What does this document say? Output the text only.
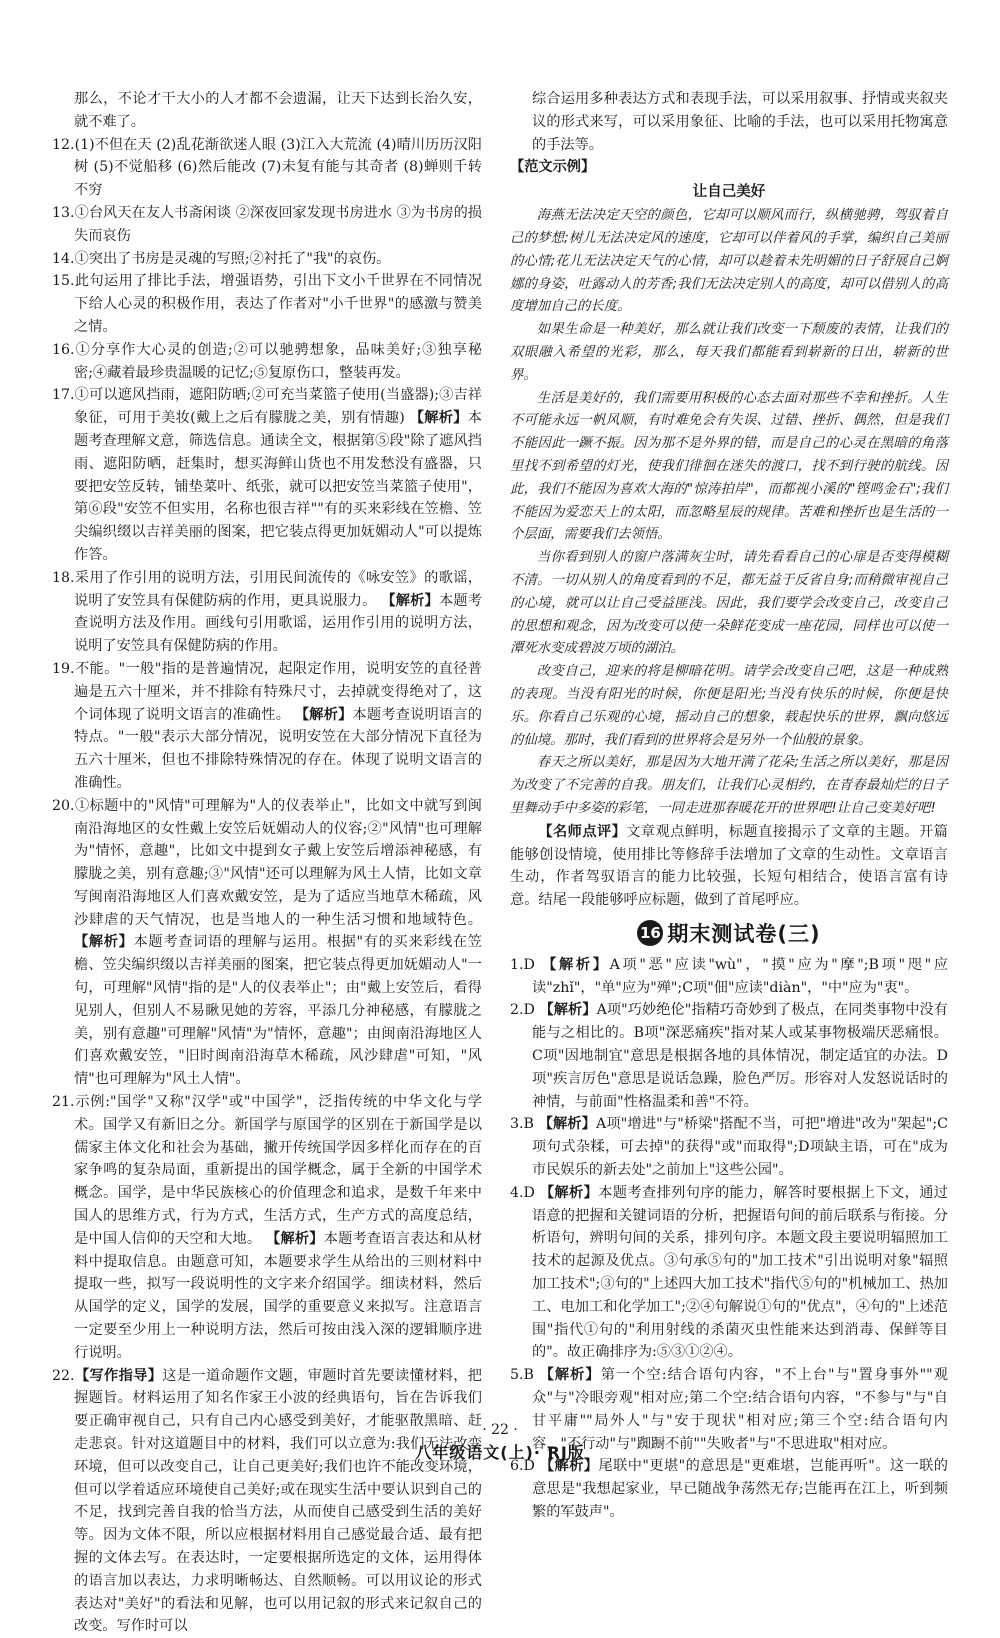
那么，不论才干大小的人才都不会遗漏，让天下达到长治久安，就不难了。

12.(1)不但在天 (2)乱花渐欲迷人眼 (3)江入大荒流 (4)晴川历历汉阳树 (5)不觉船移 (6)然后能改 (7)未复有能与其奇者 (8)蝉则千转不穷

13.①台风天在友人书斋闲谈 ②深夜回家发现书房进水 ③为书房的损失而哀伤

14.①突出了书房是灵魂的写照;②衬托了"我"的哀伤。

15.此句运用了排比手法，增强语势，引出下文小千世界在不同情况下给人心灵的积极作用，表达了作者对"小千世界"的感激与赞美之情。

16.①分享作大心灵的创造;②可以驰骋想象，品味美好;③独享秘密;④藏着最珍贵温暖的记忆;⑤复原伤口，整装再发。

17.①可以遮风挡雨，遮阳防晒;②可充当菜篮子使用(当盛器);③吉祥象征，可用于美妆(戴上之后有朦胧之美，别有情趣) 【解析】本题考查理解文意，筛选信息。通读全文，根据第⑤段"除了遮风挡雨、遮阳防晒，赶集时，想买海鲜山货也不用发愁没有盛器，只要把安笠反转，铺垫菜叶、纸张，就可以把安笠当菜篮子使用"，第⑥段"安笠不但实用，名称也很吉祥""有的买来彩线在笠檐、笠尖编织缀以吉祥美丽的图案，把它装点得更加妩媚动人"可以提炼作答。

18.采用了作引用的说明方法，引用民间流传的《咏安笠》的歌谣，说明了安笠具有保健防病的作用，更具说服力。 【解析】本题考查说明方法及作用。画线句引用歌谣，运用作引用的说明方法，说明了安笠具有保健防病的作用。

19.不能。"一般"指的是普遍情况，起限定作用，说明安笠的直径普遍是五六十厘米，并不排除有特殊尺寸，去掉就变得绝对了，这个词体现了说明文语言的准确性。 【解析】本题考查说明语言的特点。"一般"表示大部分情况，说明安笠在大部分情况下直径为五六十厘米，但也不排除特殊情况的存在。体现了说明文语言的准确性。

20.①标题中的"风情"可理解为"人的仪表举止"，比如文中就写到闽南沿海地区的女性戴上安笠后妩媚动人的仪容;②"风情"也可理解为"情怀，意趣"，比如文中提到女子戴上安笠后增添神秘感，有朦胧之美，别有意趣;③"风情"还可以理解为风土人情，比如文章写闽南沿海地区人们喜欢戴安笠，是为了适应当地草木稀疏，风沙肆虐的天气情况，也是当地人的一种生活习惯和地域特色。 【解析】本题考查词语的理解与运用。根据"有的买来彩线在笠檐、笠尖编织缀以吉祥美丽的图案，把它装点得更加妩媚动人"一句，可理解"风情"指的是"人的仪表举止"；由"戴上安笠后，看得见别人，但别人不易瞅见她的芳容，平添几分神秘感，有朦胧之美，别有意趣"可理解"风情"为"情怀，意趣"；由闽南沿海地区人们喜欢戴安笠，"旧时闽南沿海草木稀疏，风沙肆虐"可知，"风情"也可理解为"风土人情"。

21.示例:"国学"又称"汉学"或"中国学"，泛指传统的中华文化与学术。国学又有新旧之分。新国学与原国学的区别在于新国学是以儒家主体文化和社会为基础，撇开传统国学因多样化而存在的百家争鸣的复杂局面，重新提出的国学概念，属于全新的中国学术概念。国学，是中华民族核心的价值理念和追求，是数千年来中国人的思维方式，行为方式，生活方式，生产方式的高度总结，是中国人信仰的天空和大地。 【解析】本题考查语言表达和从材料中提取信息。由题意可知，本题要求学生从给出的三则材料中提取一些，拟写一段说明性的文字来介绍国学。细读材料，然后从国学的定义，国学的发展，国学的重要意义来拟写。注意语言一定要至少用上一种说明方法，然后可按由浅入深的逻辑顺序进行说明。

22.【写作指导】这是一道命题作文题，审题时首先要读懂材料，把握题旨。材料运用了知名作家王小波的经典语句，旨在告诉我们要正确审视自己，只有自己内心感受到美好，才能驱散黑暗、赶走悲哀。针对这道题目中的材料，我们可以立意为:我们无法改变环境，但可以改变自己，让自己更美好;我们也许不能改变环境，但可以学着适应环境使自己美好;或在现实生活中要认识到自己的不足，找到完善自我的恰当方法，从而使自己感受到生活的美好等。因为文体不限，所以应根据材料用自己感觉最合适、最有把握的文体去写。在表达时，一定要根据所选定的文体，运用得体的语言加以表达，力求明晰畅达、自然顺畅。可以用议论的形式表达对"美好"的看法和见解，也可以用记叙的形式来记叙自己的改变。写作时可以

综合运用多种表达方式和表现手法，可以采用叙事、抒情或夹叙夹议的形式来写，可以采用象征、比喻的手法，也可以采用托物寓意的手法等。

【范文示例】

让自己美好

海燕无法决定天空的颜色，它却可以顺风而行，纵横驰骋，驾驭着自己的梦想;树儿无法决定风的速度，它却可以伴着风的手掌，编织自己美丽的心情;花儿无法决定天气的心情，却可以趁着未先明媚的日子舒展自己婀娜的身姿，吐露动人的芳香;我们无法决定别人的高度，却可以借别人的高度增加自己的长度。

如果生命是一种美好，那么就让我们改变一下颓废的表情，让我们的双眼融入希望的光彩，那么，每天我们都能看到崭新的日出，崭新的世界。

生活是美好的，我们需要用积极的心态去面对那些不幸和挫折。人生不可能永远一帆风顺，有时难免会有失误、过错、挫折、偶然，但是我们不能因此一蹶不振。因为那不是外界的错，而是自己的心灵在黑暗的角落里找不到希望的灯光，使我们徘徊在迷失的渡口，找不到行驶的航线。因此，我们不能因为喜欢大海的"惊涛拍岸"，而都视小溪的"铿鸣金石";我们不能因为爱恋天上的太阳，而忽略星辰的规律。苦难和挫折也是生活的一个层面，需要我们去领悟。

当你看到别人的窗户落满灰尘时，请先看看自己的心扉是否变得模糊不清。一切从别人的角度看到的不足，都无益于反省自身;而稍微审视自己的心境，就可以让自己受益匪浅。因此，我们要学会改变自己，改变自己的思想和观念，因为改变可以使一朵鲜花变成一座花园，同样也可以使一潭死水变成碧波万顷的湖泊。

改变自己，迎来的将是柳暗花明。请学会改变自己吧，这是一种成熟的表现。当没有阳光的时候，你便是阳光;当没有快乐的时候，你便是快乐。你看自己乐观的心境，摇动自己的想象，载起快乐的世界，飘向悠远的仙境。那时，我们看到的世界将会是另外一个仙般的景象。

春天之所以美好，那是因为大地开满了花朵;生活之所以美好，那是因为改变了不完善的自我。朋友们，让我们心灵相约，在青春最灿烂的日子里舞动手中多姿的彩笔，一同走进那春暖花开的世界吧!让自己变美好吧!

【名师点评】文章观点鲜明，标题直接揭示了文章的主题。开篇能够创设情境，使用排比等修辞手法增加了文章的生动性。文章语言生动，作者驾驭语言的能力比较强，长短句相结合，使语言富有诗意。结尾一段能够呼应标题，做到了首尾呼应。

16 期末测试卷(三)

1.D 【解析】A项"恶"应读"wù"，"摸"应为"摩";B项"咫"应读"zhǐ"，"单"应为"殚";C项"佃"应读"diàn"，"中"应为"衷"。

2.D 【解析】A项"巧妙绝伦"指精巧奇妙到了极点，在同类事物中没有能与之相比的。B项"深恶痛疾"指对某人或某事物极端厌恶痛恨。C项"因地制宜"意思是根据各地的具体情况，制定适宜的办法。D项"疾言厉色"意思是说话急躁，脸色严厉。形容对人发怒说话时的神情，与前面"性格温柔和善"不符。

3.B 【解析】A项"增进"与"桥梁"搭配不当，可把"增进"改为"架起";C项句式杂糅，可去掉"的获得"或"而取得";D项缺主语，可在"成为市民娱乐的新去处"之前加上"这些公园"。

4.D 【解析】本题考查排列句序的能力，解答时要根据上下文，通过语意的把握和关键词语的分析，把握语句间的前后联系与衔接。分析语句，辨明句间的关系，排列句序。本题文段主要说明辐照加工技术的起源及优点。③句承⑤句的"加工技术"引出说明对象"辐照加工技术";③句的"上述四大加工技术"指代⑤句的"机械加工、热加工、电加工和化学加工";②④句解说①句的"优点"，④句的"上述范围"指代①句的"利用射线的杀菌灭虫性能来达到消毒、保鲜等目的"。故正确排序为:⑤③①②④。

5.B 【解析】第一个空:结合语句内容，"不上台"与"置身事外""观众"与"冷眼旁观"相对应;第二个空:结合语句内容，"不参与"与"自甘平庸""局外人"与"安于现状"相对应;第三个空:结合语句内容，"不行动"与"踟蹰不前""失败者"与"不思进取"相对应。

6.D 【解析】尾联中"更堪"的意思是"更难堪，岂能再听"。这一联的意思是"我想起家业，早已随战争荡然无存;岂能再在江上，听到频繁的军鼓声"。

· 22 ·
八年级语文(上)· RJ版
